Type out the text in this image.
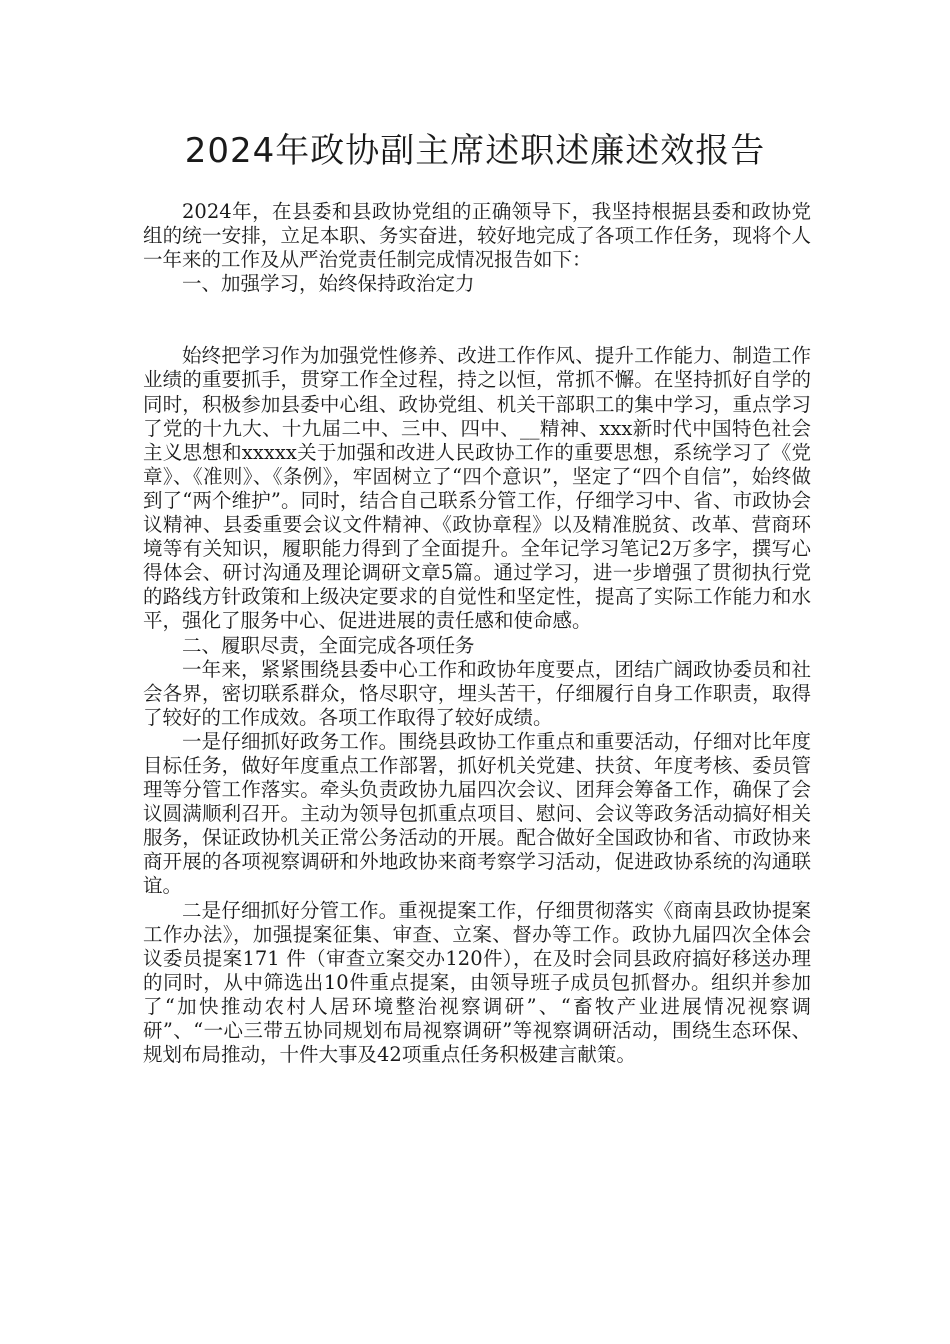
2024年政协副主席述职述廉述效报告

2024年，在县委和县政协党组的正确领导下，我坚持根据县委和政协党组的统一安排，立足本职、务实奋进，较好地完成了各项工作任务，现将个人一年来的工作及从严治党责任制完成情况报告如下：

一、加强学习，始终保持政治定力

始终把学习作为加强党性修养、改进工作作风、提升工作能力、制造工作业绩的重要抓手，贯穿工作全过程，持之以恒，常抓不懈。在坚持抓好自学的同时，积极参加县委中心组、政协党组、机关干部职工的集中学习，重点学习了党的十九大、十九届二中、三中、四中、__精神、xxx新时代中国特色社会主义思想和xxxxx关于加强和改进人民政协工作的重要思想，系统学习了《党章》、《准则》、《条例》，牢固树立了“四个意识”，坚定了“四个自信”，始终做到了“两个维护”。同时，结合自己联系分管工作，仔细学习中、省、市政协会议精神、县委重要会议文件精神、《政协章程》以及精准脱贫、改革、营商环境等有关知识，履职能力得到了全面提升。全年记学习笔记2万多字，撰写心得体会、研讨沟通及理论调研文章5篇。通过学习，进一步增强了贯彻执行党的路线方针政策和上级决定要求的自觉性和坚定性，提高了实际工作能力和水平，强化了服务中心、促进进展的责任感和使命感。

二、履职尽责，全面完成各项任务

一年来，紧紧围绕县委中心工作和政协年度要点，团结广阔政协委员和社会各界，密切联系群众，恪尽职守，埋头苦干，仔细履行自身工作职责，取得了较好的工作成效。各项工作取得了较好成绩。

一是仔细抓好政务工作。围绕县政协工作重点和重要活动，仔细对比年度目标任务，做好年度重点工作部署，抓好机关党建、扶贫、年度考核、委员管理等分管工作落实。牵头负责政协九届四次会议、团拜会筹备工作，确保了会议圆满顺利召开。主动为领导包抓重点项目、慰问、会议等政务活动搞好相关服务，保证政协机关正常公务活动的开展。配合做好全国政协和省、市政协来商开展的各项视察调研和外地政协来商考察学习活动，促进政协系统的沟通联谊。

二是仔细抓好分管工作。重视提案工作，仔细贯彻落实《商南县政协提案工作办法》，加强提案征集、审查、立案、督办等工作。政协九届四次全体会议委员提案171 件（审查立案交办120件），在及时会同县政府搞好移送办理的同时，从中筛选出10件重点提案，由领导班子成员包抓督办。组织并参加了“加快推动农村人居环境整治视察调研”、“畜牧产业进展情况视察调研”、“一心三带五协同规划布局视察调研”等视察调研活动，围绕生态环保、规划布局推动，十件大事及42项重点任务积极建言献策。
